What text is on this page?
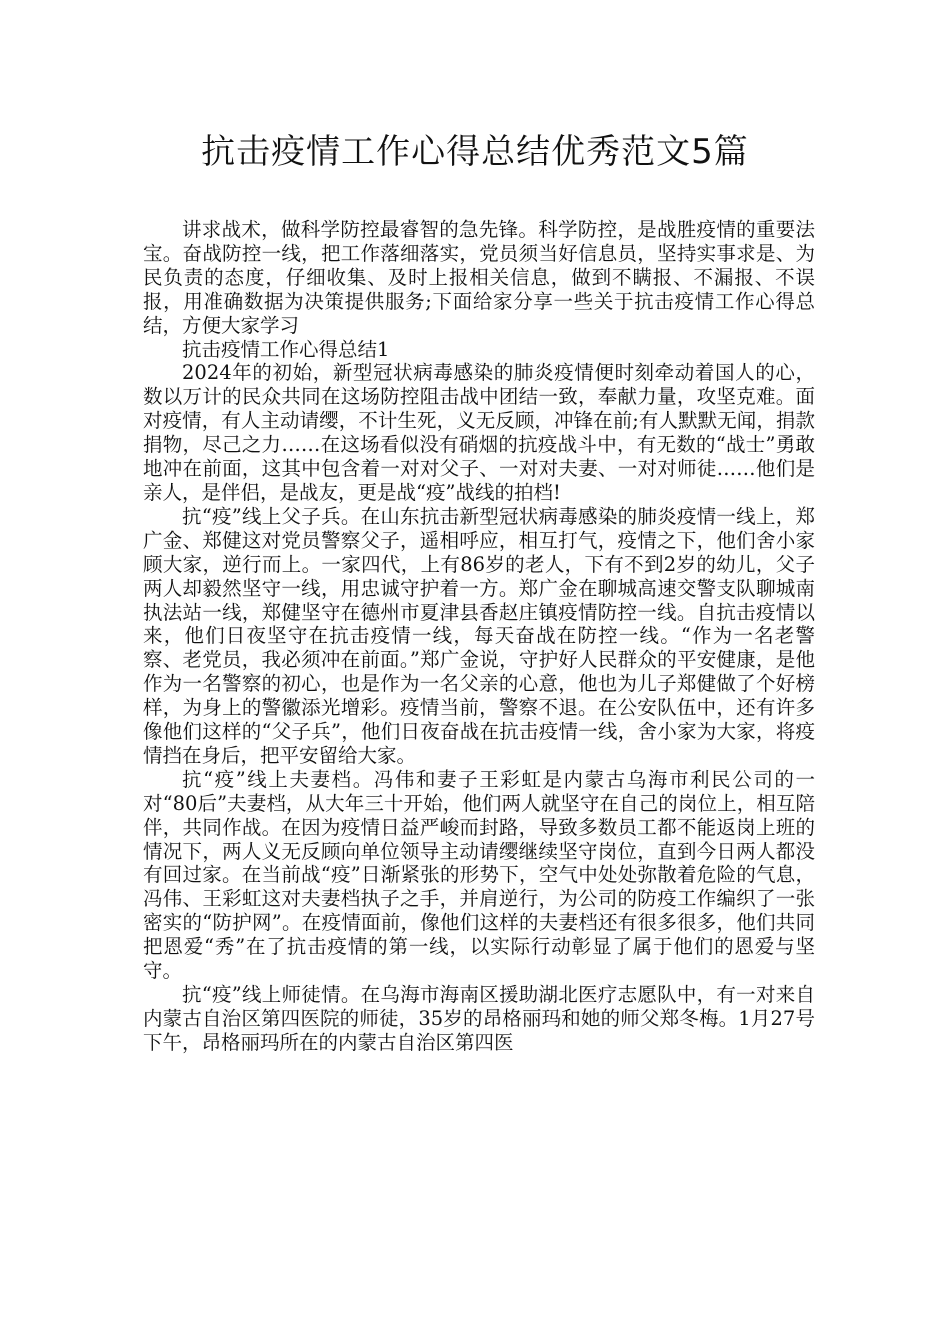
抗击疫情工作心得总结优秀范文5篇

讲求战术，做科学防控最睿智的急先锋。科学防控，是战胜疫情的重要法宝。奋战防控一线，把工作落细落实，党员须当好信息员，坚持实事求是、为民负责的态度，仔细收集、及时上报相关信息，做到不瞒报、不漏报、不误报，用准确数据为决策提供服务;下面给家分享一些关于抗击疫情工作心得总结，方便大家学习

抗击疫情工作心得总结1

2024年的初始，新型冠状病毒感染的肺炎疫情便时刻牵动着国人的心，数以万计的民众共同在这场防控阻击战中团结一致，奉献力量，攻坚克难。面对疫情，有人主动请缨，不计生死，义无反顾，冲锋在前;有人默默无闻，捐款捐物，尽己之力……在这场看似没有硝烟的抗疫战斗中，有无数的“战士”勇敢地冲在前面，这其中包含着一对对父子、一对对夫妻、一对对师徒……他们是亲人，是伴侣，是战友，更是战“疫”战线的拍档!

抗“疫”线上父子兵。在山东抗击新型冠状病毒感染的肺炎疫情一线上，郑广金、郑健这对党员警察父子，遥相呼应，相互打气，疫情之下，他们舍小家顾大家，逆行而上。一家四代，上有86岁的老人，下有不到2岁的幼儿，父子两人却毅然坚守一线，用忠诚守护着一方。郑广金在聊城高速交警支队聊城南执法站一线，郑健坚守在德州市夏津县香赵庄镇疫情防控一线。自抗击疫情以来，他们日夜坚守在抗击疫情一线，每天奋战在防控一线。“作为一名老警察、老党员，我必须冲在前面。”郑广金说，守护好人民群众的平安健康，是他作为一名警察的初心，也是作为一名父亲的心意，他也为儿子郑健做了个好榜样，为身上的警徽添光增彩。疫情当前，警察不退。在公安队伍中，还有许多像他们这样的“父子兵”，他们日夜奋战在抗击疫情一线，舍小家为大家，将疫情挡在身后，把平安留给大家。

抗“疫”线上夫妻档。冯伟和妻子王彩虹是内蒙古乌海市利民公司的一对“80后”夫妻档，从大年三十开始，他们两人就坚守在自己的岗位上，相互陪伴，共同作战。在因为疫情日益严峻而封路，导致多数员工都不能返岗上班的情况下，两人义无反顾向单位领导主动请缨继续坚守岗位，直到今日两人都没有回过家。在当前战“疫”日渐紧张的形势下，空气中处处弥散着危险的气息，冯伟、王彩虹这对夫妻档执子之手，并肩逆行，为公司的防疫工作编织了一张密实的“防护网”。在疫情面前，像他们这样的夫妻档还有很多很多，他们共同把恩爱“秀”在了抗击疫情的第一线，以实际行动彰显了属于他们的恩爱与坚守。

抗“疫”线上师徒情。在乌海市海南区援助湖北医疗志愿队中，有一对来自内蒙古自治区第四医院的师徒，35岁的昂格丽玛和她的师父郑冬梅。1月27号下午，昂格丽玛所在的内蒙古自治区第四医
